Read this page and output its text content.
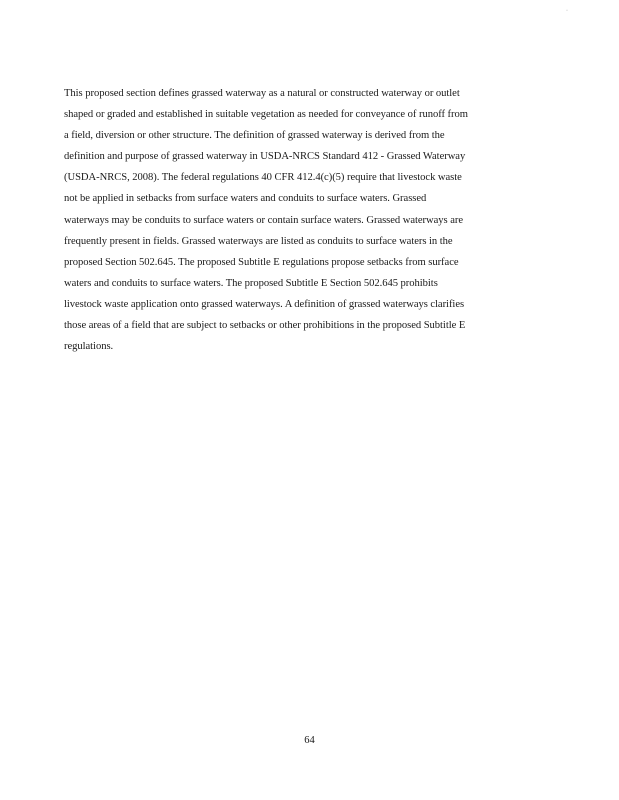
·
This proposed section defines grassed waterway as a natural or constructed waterway or outlet
shaped or graded and established in suitable vegetation as needed for conveyance of runoff from
a field, diversion or other structure. The definition of grassed waterway is derived from the
definition and purpose of grassed waterway in USDA-NRCS Standard 412 - Grassed Waterway
(USDA-NRCS, 2008). The federal regulations 40 CFR 412.4(c)(5) require that livestock waste
not be applied in setbacks from surface waters and conduits to surface waters. Grassed
waterways may be conduits to surface waters or contain surface waters. Grassed waterways are
frequently present in fields. Grassed waterways are listed as conduits to surface waters in the
proposed Section 502.645. The proposed Subtitle E regulations propose setbacks from surface
waters and conduits to surface waters. The proposed Subtitle E Section 502.645 prohibits
livestock waste application onto grassed waterways. A definition of grassed waterways clarifies
those areas of a field that are subject to setbacks or other prohibitions in the proposed Subtitle E
regulations.
64
